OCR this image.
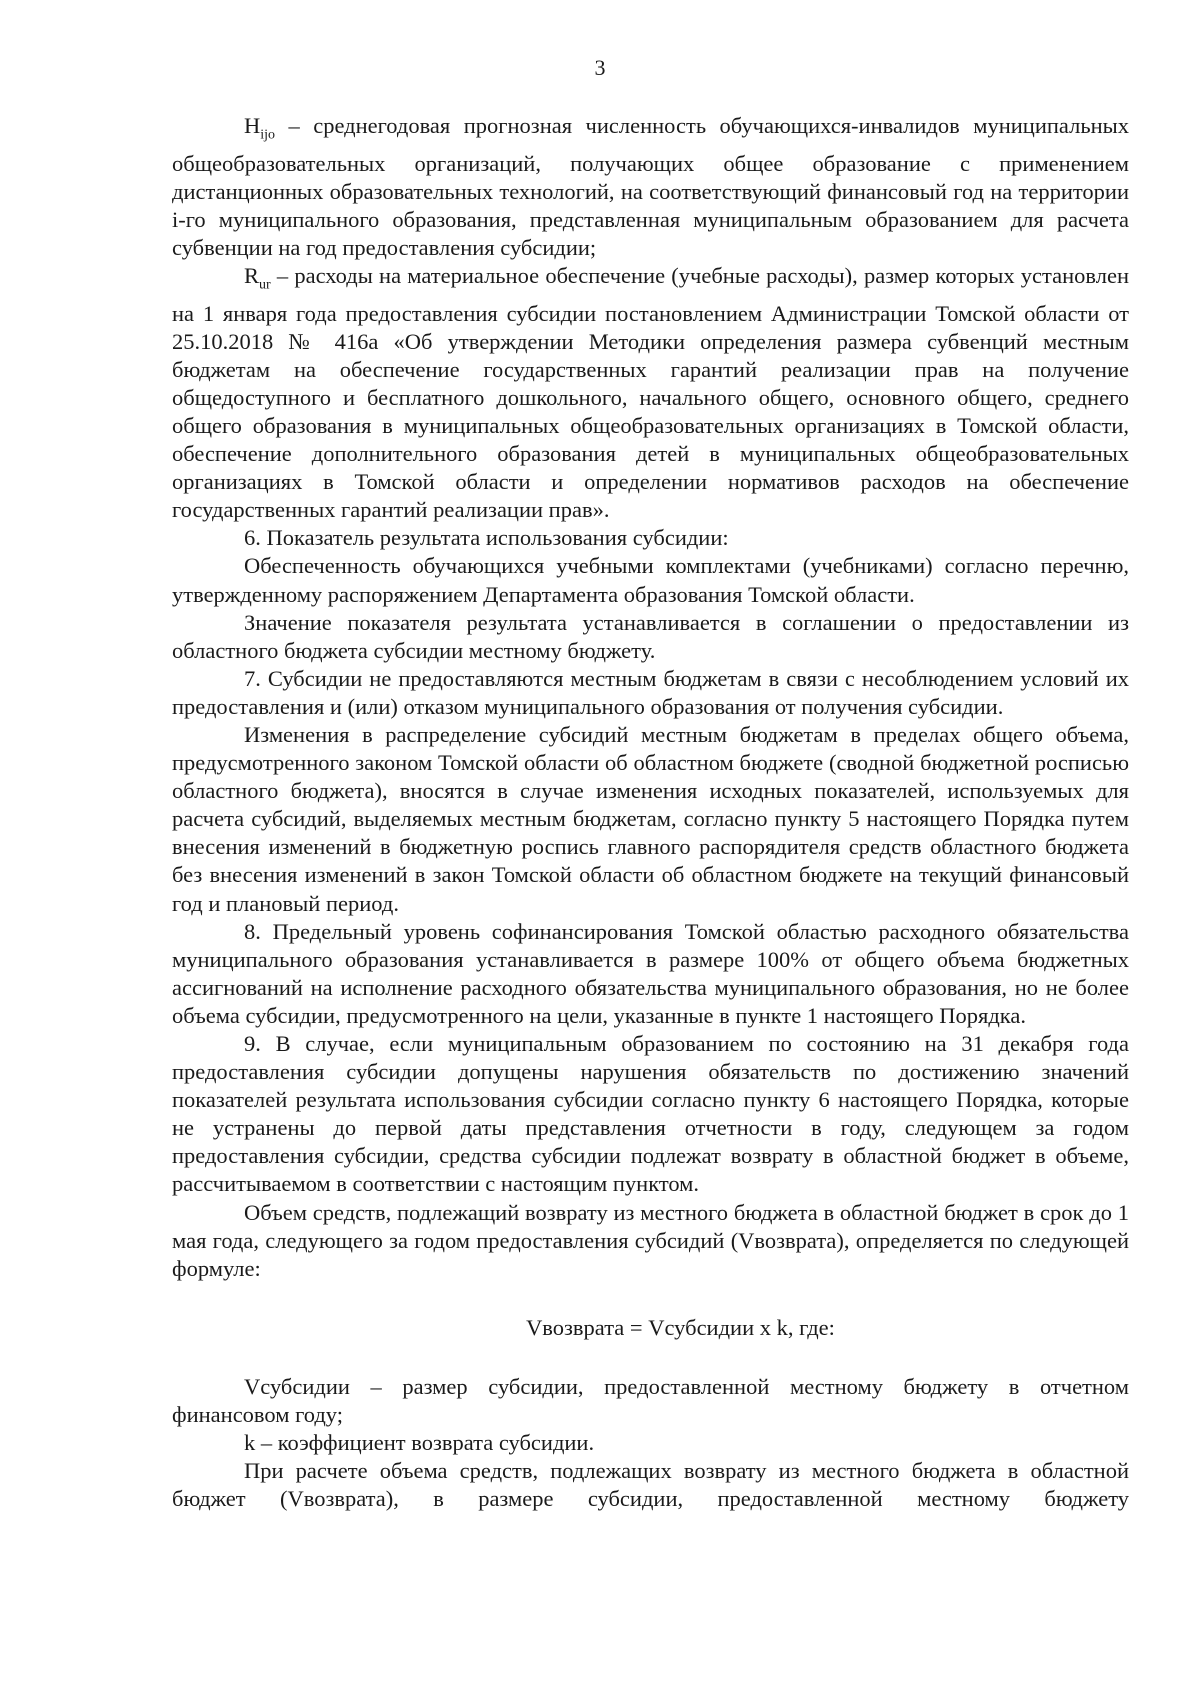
3

$H_{ijo}$ – среднегодовая прогнозная численность обучающихся-инвалидов муниципальных общеобразовательных организаций, получающих общее образование с применением дистанционных образовательных технологий, на соответствующий финансовый год на территории i-го муниципального образования, представленная муниципальным образованием для расчета субвенции на год предоставления субсидии;

$R_{ur}$ – расходы на материальное обеспечение (учебные расходы), размер которых установлен на 1 января года предоставления субсидии постановлением Администрации Томской области от 25.10.2018 № 416а «Об утверждении Методики определения размера субвенций местным бюджетам на обеспечение государственных гарантий реализации прав на получение общедоступного и бесплатного дошкольного, начального общего, основного общего, среднего общего образования в муниципальных общеобразовательных организациях в Томской области, обеспечение дополнительного образования детей в муниципальных общеобразовательных организациях в Томской области и определении нормативов расходов на обеспечение государственных гарантий реализации прав».

6. Показатель результата использования субсидии:

Обеспеченность обучающихся учебными комплектами (учебниками) согласно перечню, утвержденному распоряжением Департамента образования Томской области.

Значение показателя результата устанавливается в соглашении о предоставлении из областного бюджета субсидии местному бюджету.

7. Субсидии не предоставляются местным бюджетам в связи с несоблюдением условий их предоставления и (или) отказом муниципального образования от получения субсидии.

Изменения в распределение субсидий местным бюджетам в пределах общего объема, предусмотренного законом Томской области об областном бюджете (сводной бюджетной росписью областного бюджета), вносятся в случае изменения исходных показателей, используемых для расчета субсидий, выделяемых местным бюджетам, согласно пункту 5 настоящего Порядка путем внесения изменений в бюджетную роспись главного распорядителя средств областного бюджета без внесения изменений в закон Томской области об областном бюджете на текущий финансовый год и плановый период.

8. Предельный уровень софинансирования Томской областью расходного обязательства муниципального образования устанавливается в размере 100% от общего объема бюджетных ассигнований на исполнение расходного обязательства муниципального образования, но не более объема субсидии, предусмотренного на цели, указанные в пункте 1 настоящего Порядка.

9. В случае, если муниципальным образованием по состоянию на 31 декабря года предоставления субсидии допущены нарушения обязательств по достижению значений показателей результата использования субсидии согласно пункту 6 настоящего Порядка, которые не устранены до первой даты представления отчетности в году, следующем за годом предоставления субсидии, средства субсидии подлежат возврату в областной бюджет в объеме, рассчитываемом в соответствии с настоящим пунктом.

Объем средств, подлежащий возврату из местного бюджета в областной бюджет в срок до 1 мая года, следующего за годом предоставления субсидий (Vвозврата), определяется по следующей формуле:

Vвозврата = Vсубсидии x k, где:

Vсубсидии – размер субсидии, предоставленной местному бюджету в отчетном финансовом году;

k – коэффициент возврата субсидии.

При расчете объема средств, подлежащих возврату из местного бюджета в областной бюджет (Vвозврата), в размере субсидии, предоставленной местному бюджету
